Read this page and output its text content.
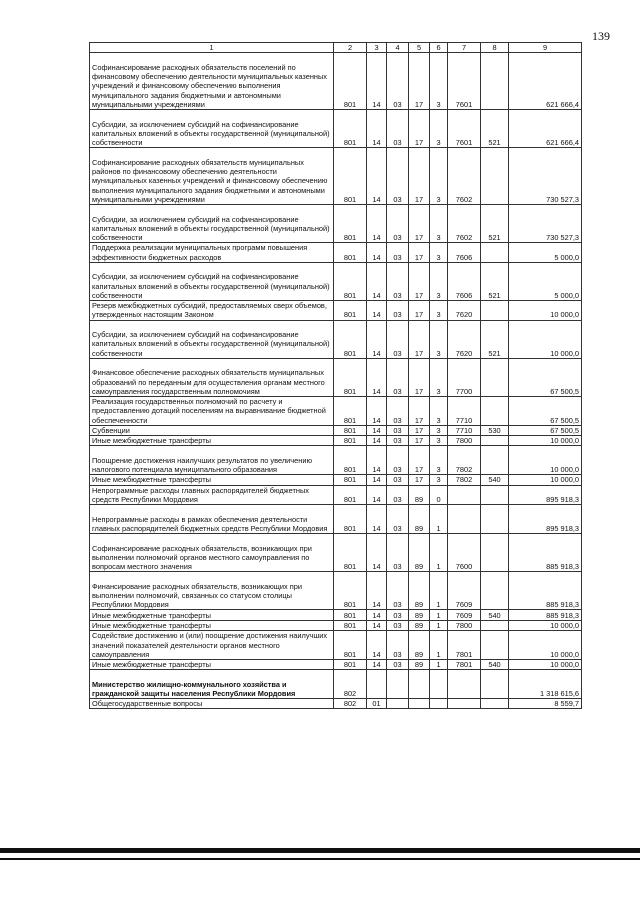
139
1	2	3	4	5	6	7	8	9
Софинансирование расходных обязательств поселений по финансовому обеспечению деятельности муниципальных казенных учреждений и финансовому обеспечению выполнения муниципального задания бюджетными и автономными муниципальными учреждениями	801	14	03	17	3	7601		621 666,4
Субсидии, за исключением субсидий на софинансирование капитальных вложений в объекты государственной (муниципальной) собственности	801	14	03	17	3	7601	521	621 666,4
Софинансирование расходных обязательств муниципальных районов по финансовому обеспечению деятельности муниципальных казенных учреждений и финансовому обеспечению выполнения муниципального задания бюджетными и автономными муниципальными учреждениями	801	14	03	17	3	7602		730 527,3
Субсидии, за исключением субсидий на софинансирование капитальных вложений в объекты государственной (муниципальной) собственности	801	14	03	17	3	7602	521	730 527,3
Поддержка реализации муниципальных программ повышения эффективности бюджетных расходов	801	14	03	17	3	7606		5 000,0
Субсидии, за исключением субсидий на софинансирование капитальных вложений в объекты государственной (муниципальной) собственности	801	14	03	17	3	7606	521	5 000,0
Резерв межбюджетных субсидий, предоставляемых сверх объемов, утвержденных настоящим Законом	801	14	03	17	3	7620		10 000,0
Субсидии, за исключением субсидий на софинансирование капитальных вложений в объекты государственной (муниципальной) собственности	801	14	03	17	3	7620	521	10 000,0
Финансовое обеспечение расходных обязательств муниципальных образований по переданным для осуществления органам местного самоуправления государственным полномочиям	801	14	03	17	3	7700		67 500,5
Реализация государственных полномочий по расчету и предоставлению дотаций поселениям на выравнивание бюджетной обеспеченности	801	14	03	17	3	7710		67 500,5
Субвенции	801	14	03	17	3	7710	530	67 500,5
Иные межбюджетные трансферты	801	14	03	17	3	7800		10 000,0
Поощрение достижения наилучших результатов по увеличению налогового потенциала муниципального образования	801	14	03	17	3	7802		10 000,0
Иные межбюджетные трансферты	801	14	03	17	3	7802	540	10 000,0
Непрограммные расходы главных распорядителей бюджетных средств Республики Мордовия	801	14	03	89	0			895 918,3
Непрограммные расходы в рамках обеспечения деятельности главных распорядителей бюджетных средств Республики Мордовия	801	14	03	89	1			895 918,3
Софинансирование расходных обязательств, возникающих при выполнении полномочий органов местного самоуправления по вопросам местного значения	801	14	03	89	1	7600		885 918,3
Финансирование расходных обязательств, возникающих при выполнении полномочий, связанных со статусом столицы Республики Мордовия	801	14	03	89	1	7609		885 918,3
Иные межбюджетные трансферты	801	14	03	89	1	7609	540	885 918,3
Иные межбюджетные трансферты	801	14	03	89	1	7800		10 000,0
Содействие достижению и (или) поощрение достижения наилучших значений показателей деятельности органов местного самоуправления	801	14	03	89	1	7801		10 000,0
Иные межбюджетные трансферты	801	14	03	89	1	7801	540	10 000,0
Министерство жилищно-коммунального хозяйства и гражданской защиты населения Республики Мордовия	802							1 318 615,6
Общегосударственные вопросы	802	01						8 559,7
